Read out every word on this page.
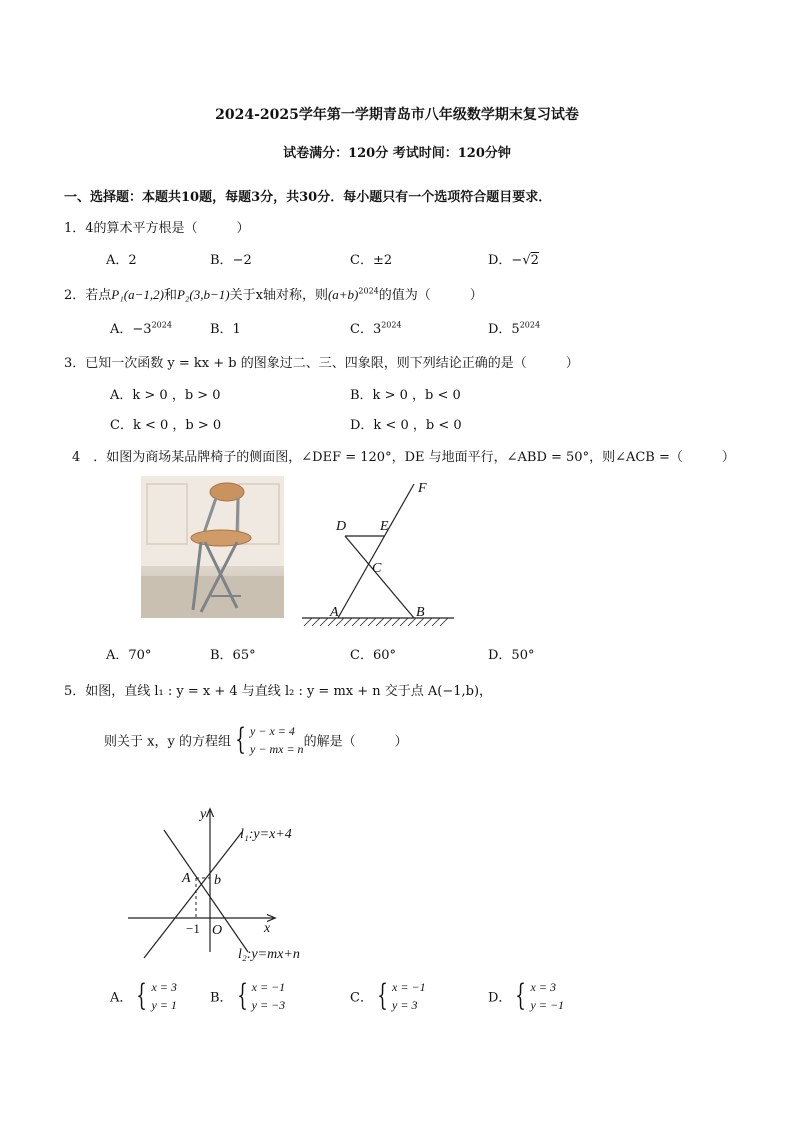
2024-2025学年第一学期青岛市八年级数学期末复习试卷
试卷满分：120分 考试时间：120分钟
一、选择题：本题共10题，每题3分，共30分．每小题只有一个选项符合题目要求．
1．4的算术平方根是（　　　）
A．2	B．−2	C．±2	D．−√2
2．若点P₁(a−1,2)和P₂(3,b−1)关于x轴对称，则$(a+b)^{2024}$的值为（　　　）
A．$-3^{2024}$	B．1	C．$3^{2024}$	D．$5^{2024}$
3．已知一次函数 y = kx + b 的图象过二、三、四象限，则下列结论正确的是（　　　）
A．k > 0 ，b > 0	B．k > 0 ，b < 0
C．k < 0 ，b > 0	D．k < 0 ，b < 0
4　．如图为商场某品牌椅子的侧面图，∠DEF = 120°，DE 与地面平行，∠ABD = 50°，则∠ACB =（　　　）
F
D E
C
A	B
A．70°	B．65°	C．60°	D．50°
5．如图，直线 l₁ : y = x + 4 与直线 l₂ : y = mx + n 交于点 A(−1,b)，
则关于 x，y 的方程组 { y − x = 4
y − mx = n 的解是（　　　）
y
x
l₁:y=x+4
l₂:y=mx+n
A b
O
−1
A． { x = 3
y = 1	B． { x = −1
y = −3	C． { x = −1
y = 3	D． { x = 3
y = −1
